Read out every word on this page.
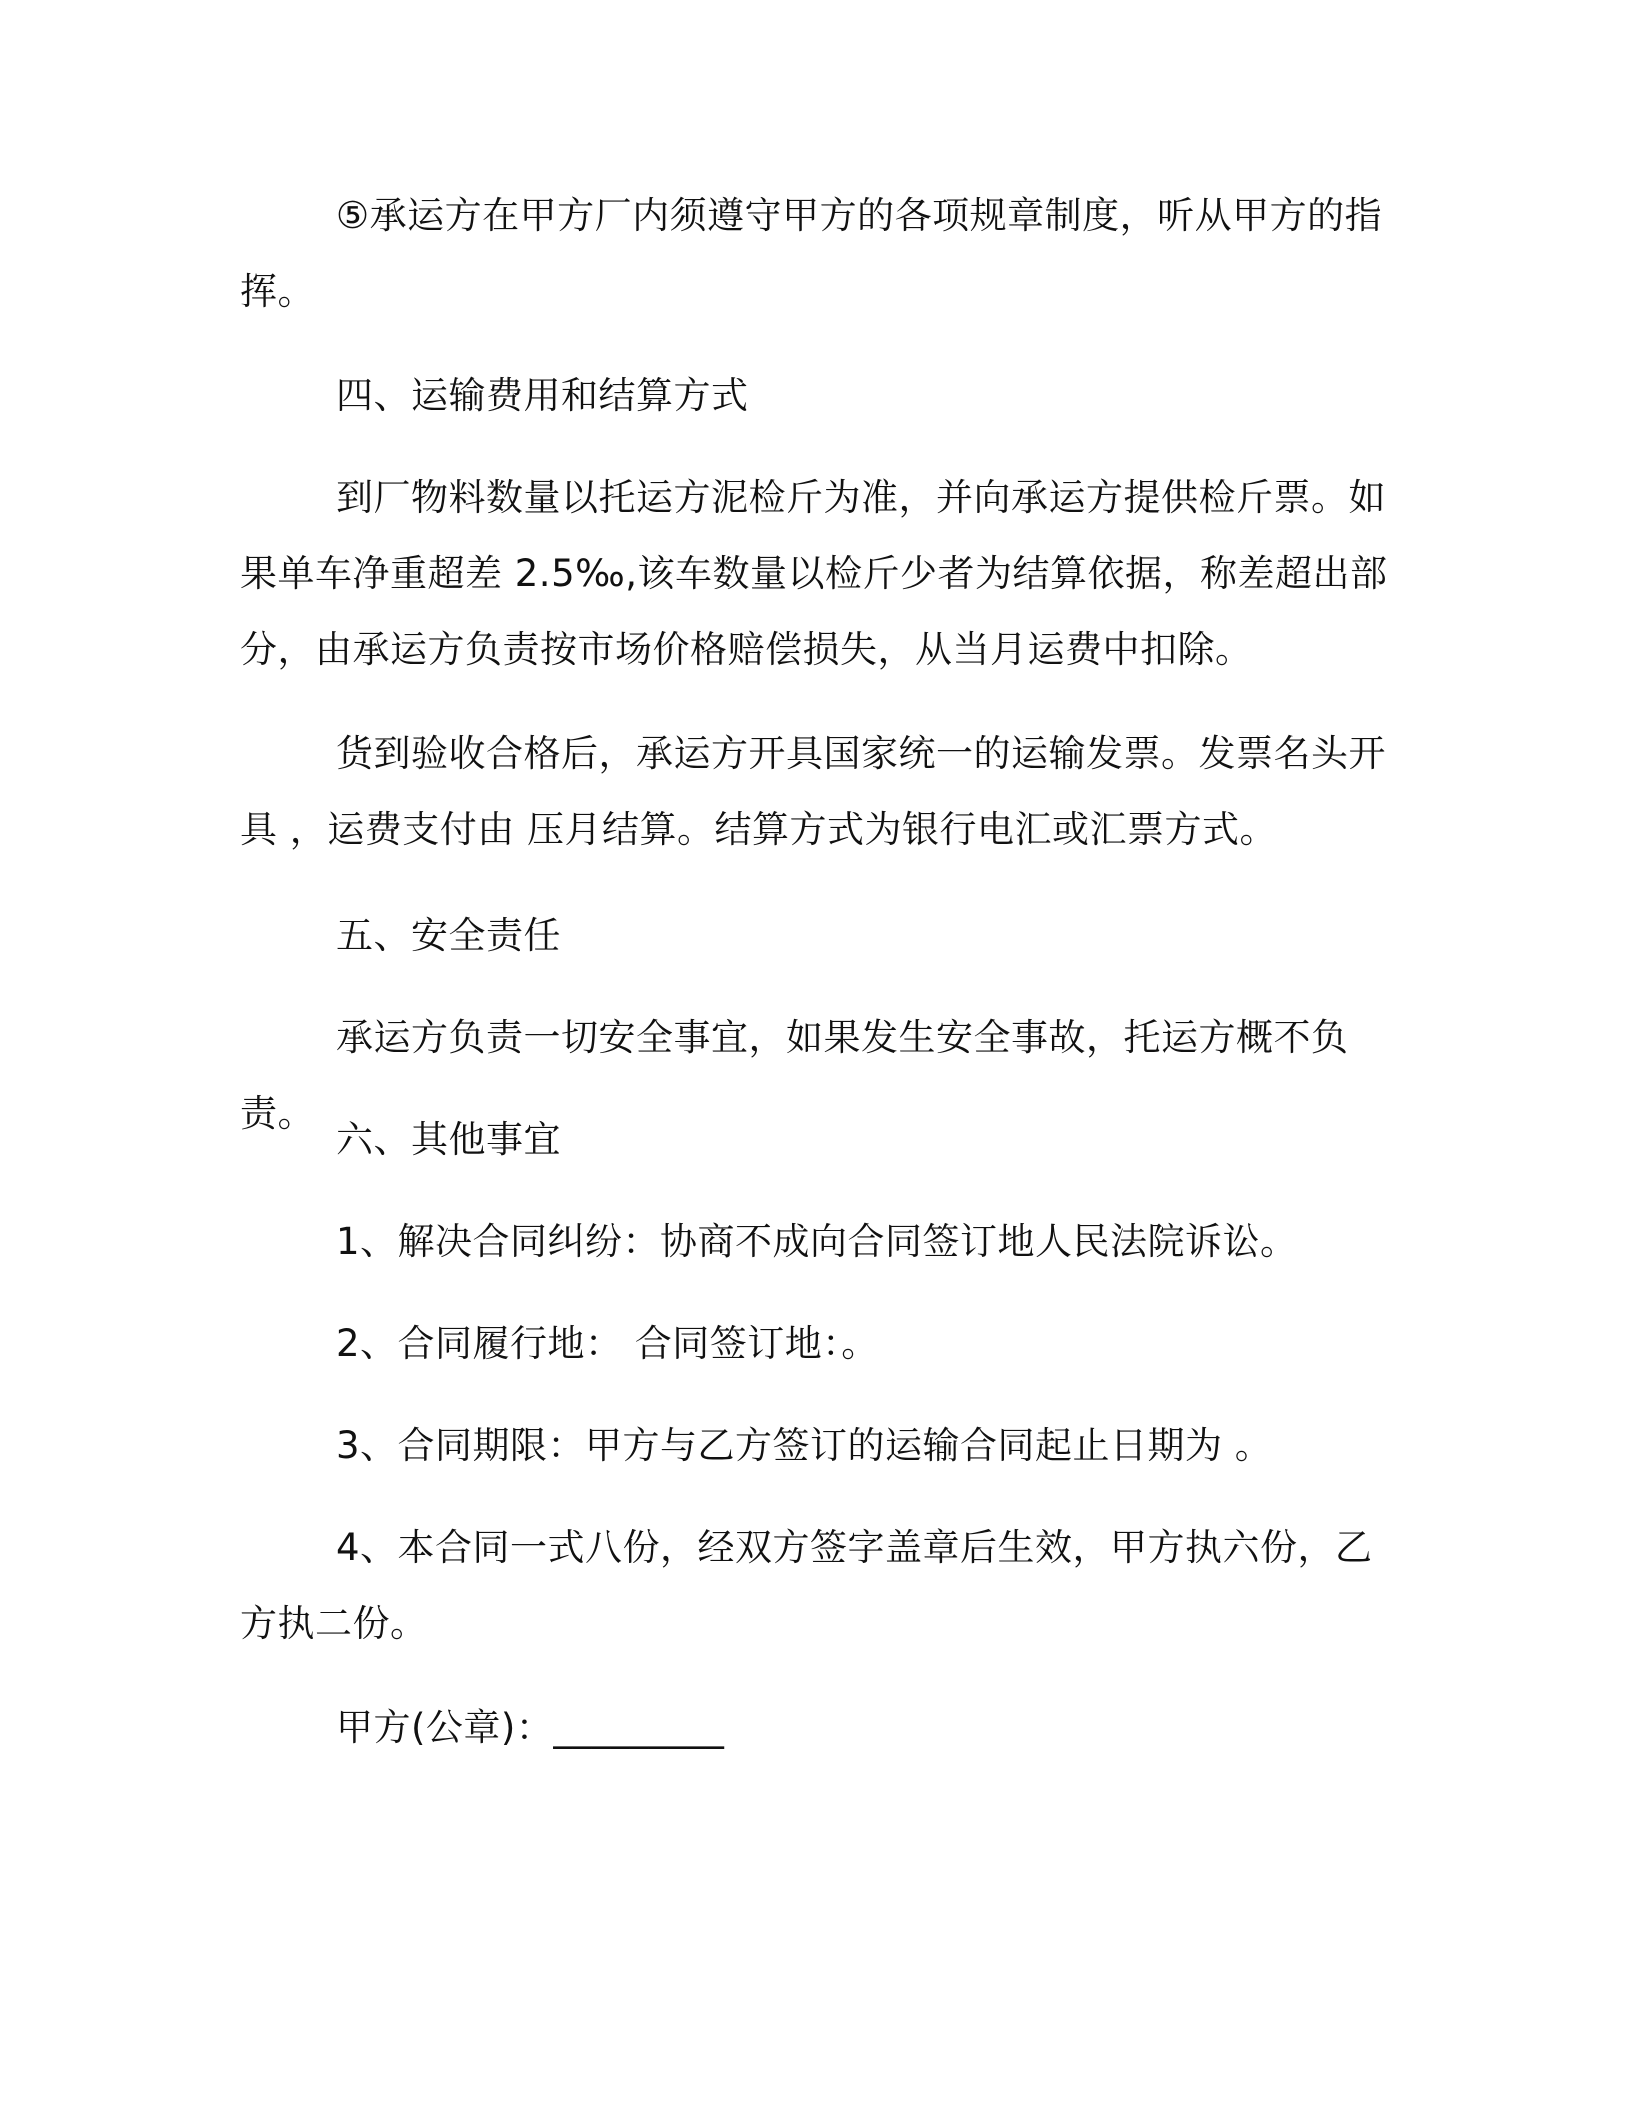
⑤承运方在甲方厂内须遵守甲方的各项规章制度，听从甲方的指挥。

四、运输费用和结算方式

到厂物料数量以托运方泥检斤为准，并向承运方提供检斤票。如果单车净重超差 2.5‰,该车数量以检斤少者为结算依据，称差超出部分，由承运方负责按市场价格赔偿损失，从当月运费中扣除。

货到验收合格后，承运方开具国家统一的运输发票。发票名头开具 ，运费支付由 压月结算。结算方式为银行电汇或汇票方式。

五、安全责任

承运方负责一切安全事宜，如果发生安全事故，托运方概不负责。

六、其他事宜

1、解决合同纠纷：协商不成向合同签订地人民法院诉讼。

2、合同履行地： 合同签订地：。

3、合同期限：甲方与乙方签订的运输合同起止日期为 。

4、本合同一式八份，经双方签字盖章后生效，甲方执六份，乙方执二份。

甲方(公章)：_________
